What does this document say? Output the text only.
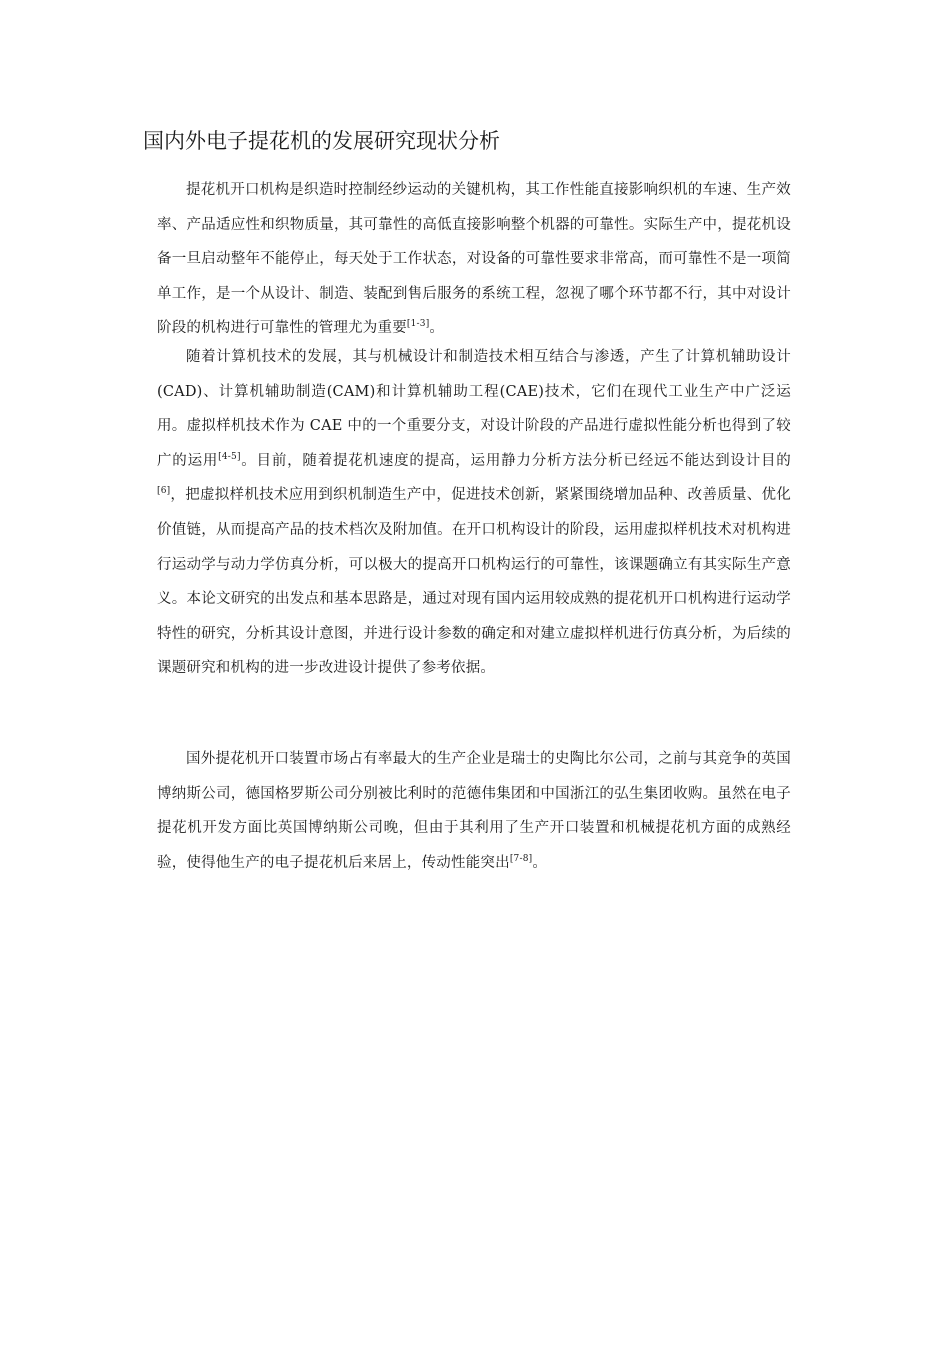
国内外电子提花机的发展研究现状分析

提花机开口机构是织造时控制经纱运动的关键机构，其工作性能直接影响织机的车速、生产效率、产品适应性和织物质量，其可靠性的高低直接影响整个机器的可靠性。实际生产中，提花机设备一旦启动整年不能停止，每天处于工作状态，对设备的可靠性要求非常高，而可靠性不是一项简单工作，是一个从设计、制造、装配到售后服务的系统工程，忽视了哪个环节都不行，其中对设计阶段的机构进行可靠性的管理尤为重要[1-3]。

随着计算机技术的发展，其与机械设计和制造技术相互结合与渗透，产生了计算机辅助设计(CAD)、计算机辅助制造(CAM)和计算机辅助工程(CAE)技术，它们在现代工业生产中广泛运用。虚拟样机技术作为 CAE 中的一个重要分支，对设计阶段的产品进行虚拟性能分析也得到了较广的运用[4-5]。目前，随着提花机速度的提高，运用静力分析方法分析已经远不能达到设计目的[6]，把虚拟样机技术应用到织机制造生产中，促进技术创新，紧紧围绕增加品种、改善质量、优化价值链，从而提高产品的技术档次及附加值。在开口机构设计的阶段，运用虚拟样机技术对机构进行运动学与动力学仿真分析，可以极大的提高开口机构运行的可靠性，该课题确立有其实际生产意义。本论文研究的出发点和基本思路是，通过对现有国内运用较成熟的提花机开口机构进行运动学特性的研究，分析其设计意图，并进行设计参数的确定和对建立虚拟样机进行仿真分析，为后续的课题研究和机构的进一步改进设计提供了参考依据。

国外提花机开口装置市场占有率最大的生产企业是瑞士的史陶比尔公司，之前与其竞争的英国博纳斯公司，德国格罗斯公司分别被比利时的范德伟集团和中国浙江的弘生集团收购。虽然在电子提花机开发方面比英国博纳斯公司晚，但由于其利用了生产开口装置和机械提花机方面的成熟经验，使得他生产的电子提花机后来居上，传动性能突出[7-8]。
